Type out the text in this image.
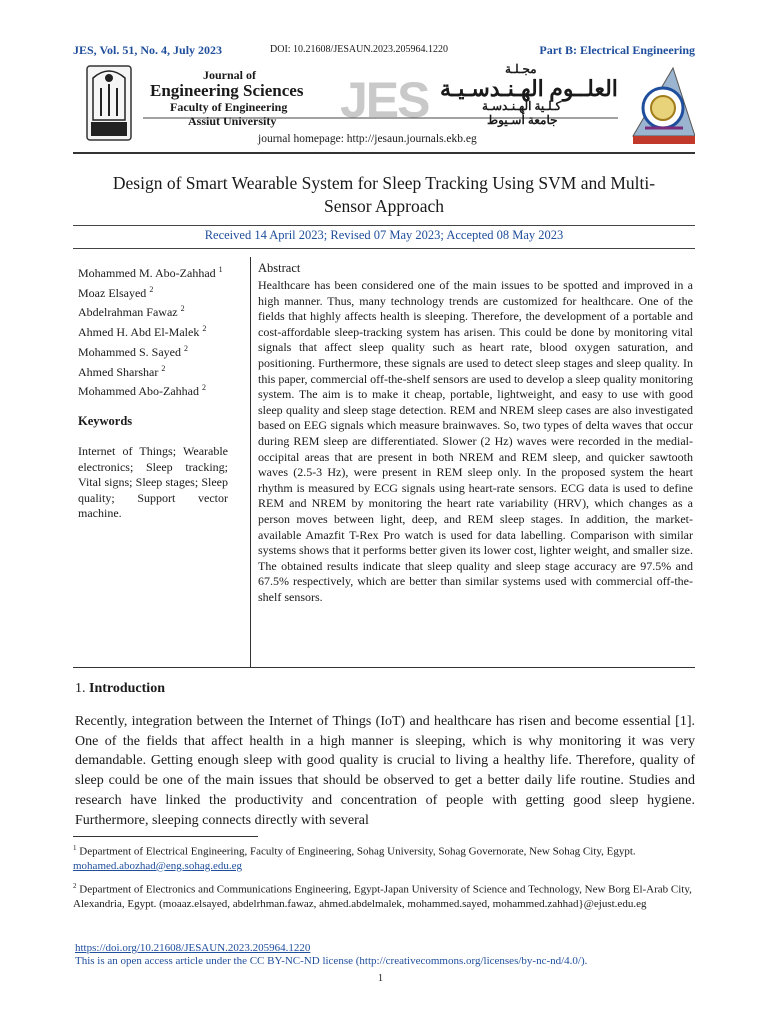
JES, Vol. 51, No. 4, July 2023	DOI: 10.21608/JESAUN.2023.205964.1220	Part B: Electrical Engineering
Journal of
Engineering Sciences
Faculty of Engineering
Assiut University JES
مجـلـة
العلــوم الهـنـدسـيـة
كـلـية الهـنـدسـة
جامعة أسـيوط
journal homepage: http://jesaun.journals.ekb.eg
Design of Smart Wearable System for Sleep Tracking Using SVM and Multi-
Sensor Approach
Received 14 April 2023; Revised 07 May 2023; Accepted 08 May 2023
Mohammed M. Abo-Zahhad $^1$
Moaz Elsayed $^2$
Abdelrahman Fawaz $^2$
Ahmed H. Abd El-Malek $^2$
Mohammed S. Sayed $^2$
Ahmed Sharshar $^2$
Mohammed Abo-Zahhad $^2$
Keywords
Internet of Things; Wearable electronics; Sleep tracking; Vital signs; Sleep stages; Sleep quality; Support vector machine.
Abstract
Healthcare has been considered one of the main issues to be spotted and improved in a high manner. Thus, many technology trends are customized for healthcare. One of the fields that highly affects health is sleeping. Therefore, the development of a portable and cost-affordable sleep-tracking system has arisen. This could be done by monitoring vital signals that affect sleep quality such as heart rate, blood oxygen saturation, and positioning. Furthermore, these signals are used to detect sleep stages and sleep quality. In this paper, commercial off-the-shelf sensors are used to develop a sleep quality monitoring system. The aim is to make it cheap, portable, lightweight, and easy to use with good sleep quality and sleep stage detection. REM and NREM sleep cases are also investigated based on EEG signals which measure brainwaves. So, two types of delta waves that occur during REM sleep are differentiated. Slower (2 Hz) waves were recorded in the medial-occipital areas that are present in both NREM and REM sleep, and quicker sawtooth waves (2.5-3 Hz), were present in REM sleep only. In the proposed system the heart rhythm is measured by ECG signals using heart-rate sensors. ECG data is used to define REM and NREM by monitoring the heart rate variability (HRV), which changes as a person moves between light, deep, and REM sleep stages. In addition, the market-available Amazfit T-Rex Pro watch is used for data labelling. Comparison with similar systems shows that it performs better given its lower cost, lighter weight, and smaller size. The obtained results indicate that sleep quality and sleep stage accuracy are 97.5% and 67.5% respectively, which are better than similar systems used with commercial off-the-shelf sensors.
1. Introduction
Recently, integration between the Internet of Things (IoT) and healthcare has risen and become essential [1]. One of the fields that affect health in a high manner is sleeping, which is why monitoring it was very demandable. Getting enough sleep with good quality is crucial to living a healthy life. Therefore, quality of sleep could be one of the main issues that should be observed to get a better daily life routine. Studies and research have linked the productivity and concentration of people with getting good sleep hygiene. Furthermore, sleeping connects directly with several
$^1$ Department of Electrical Engineering, Faculty of Engineering, Sohag University, Sohag Governorate, New Sohag City, Egypt. mohamed.abozhad@eng.sohag.edu.eg
$^2$ Department of Electronics and Communications Engineering, Egypt-Japan University of Science and Technology, New Borg El-Arab City, Alexandria, Egypt. (moaaz.elsayed, abdelrhman.fawaz, ahmed.abdelmalek, mohammed.sayed, mohammed.zahhad}@ejust.edu.eg
https://doi.org/10.21608/JESAUN.2023.205964.1220
This is an open access article under the CC BY-NC-ND license (http://creativecommons.org/licenses/by-nc-nd/4.0/).
1
